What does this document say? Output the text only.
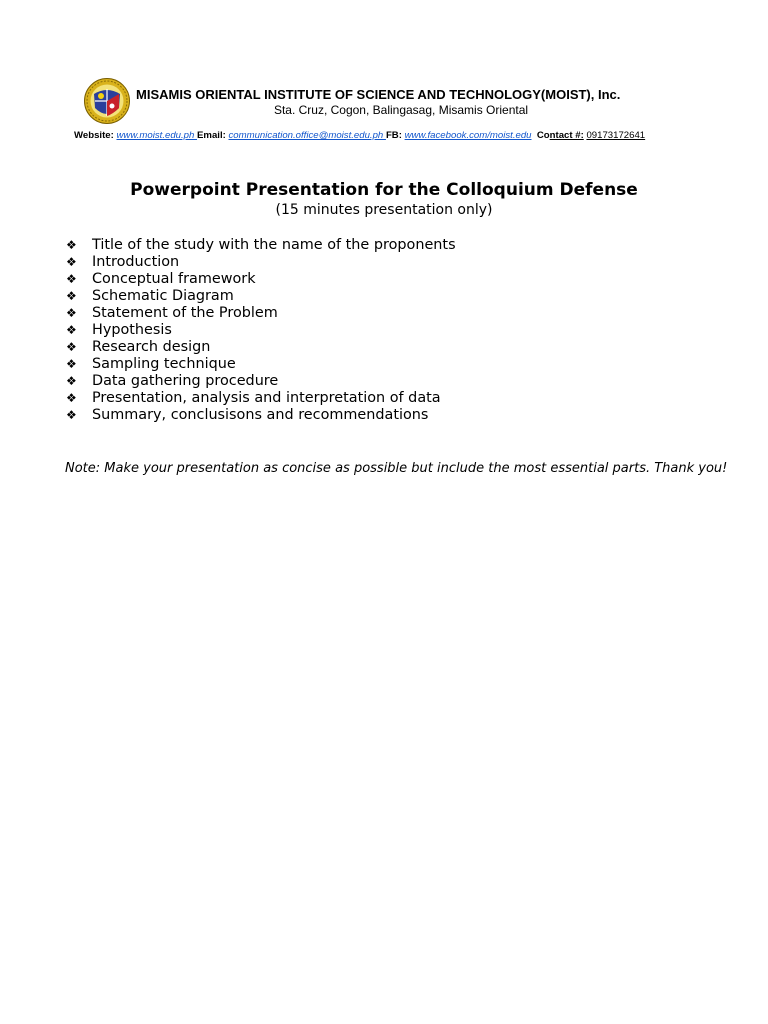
MISAMIS ORIENTAL INSTITUTE OF SCIENCE AND TECHNOLOGY(MOIST), Inc.
Sta. Cruz, Cogon, Balingasag, Misamis Oriental
Website: www.moist.edu.ph Email: communication.office@moist.edu.ph FB: www.facebook.com/moist.edu Contact #: 09173172641
Powerpoint Presentation for the Colloquium Defense
(15 minutes presentation only)
❖ Title of the study with the name of the proponents
❖ Introduction
❖ Conceptual framework
❖ Schematic Diagram
❖ Statement of the Problem
❖ Hypothesis
❖ Research design
❖ Sampling technique
❖ Data gathering procedure
❖ Presentation, analysis and interpretation of data
❖ Summary, conclusisons and recommendations
Note: Make your presentation as concise as possible but include the most essential parts. Thank you!
